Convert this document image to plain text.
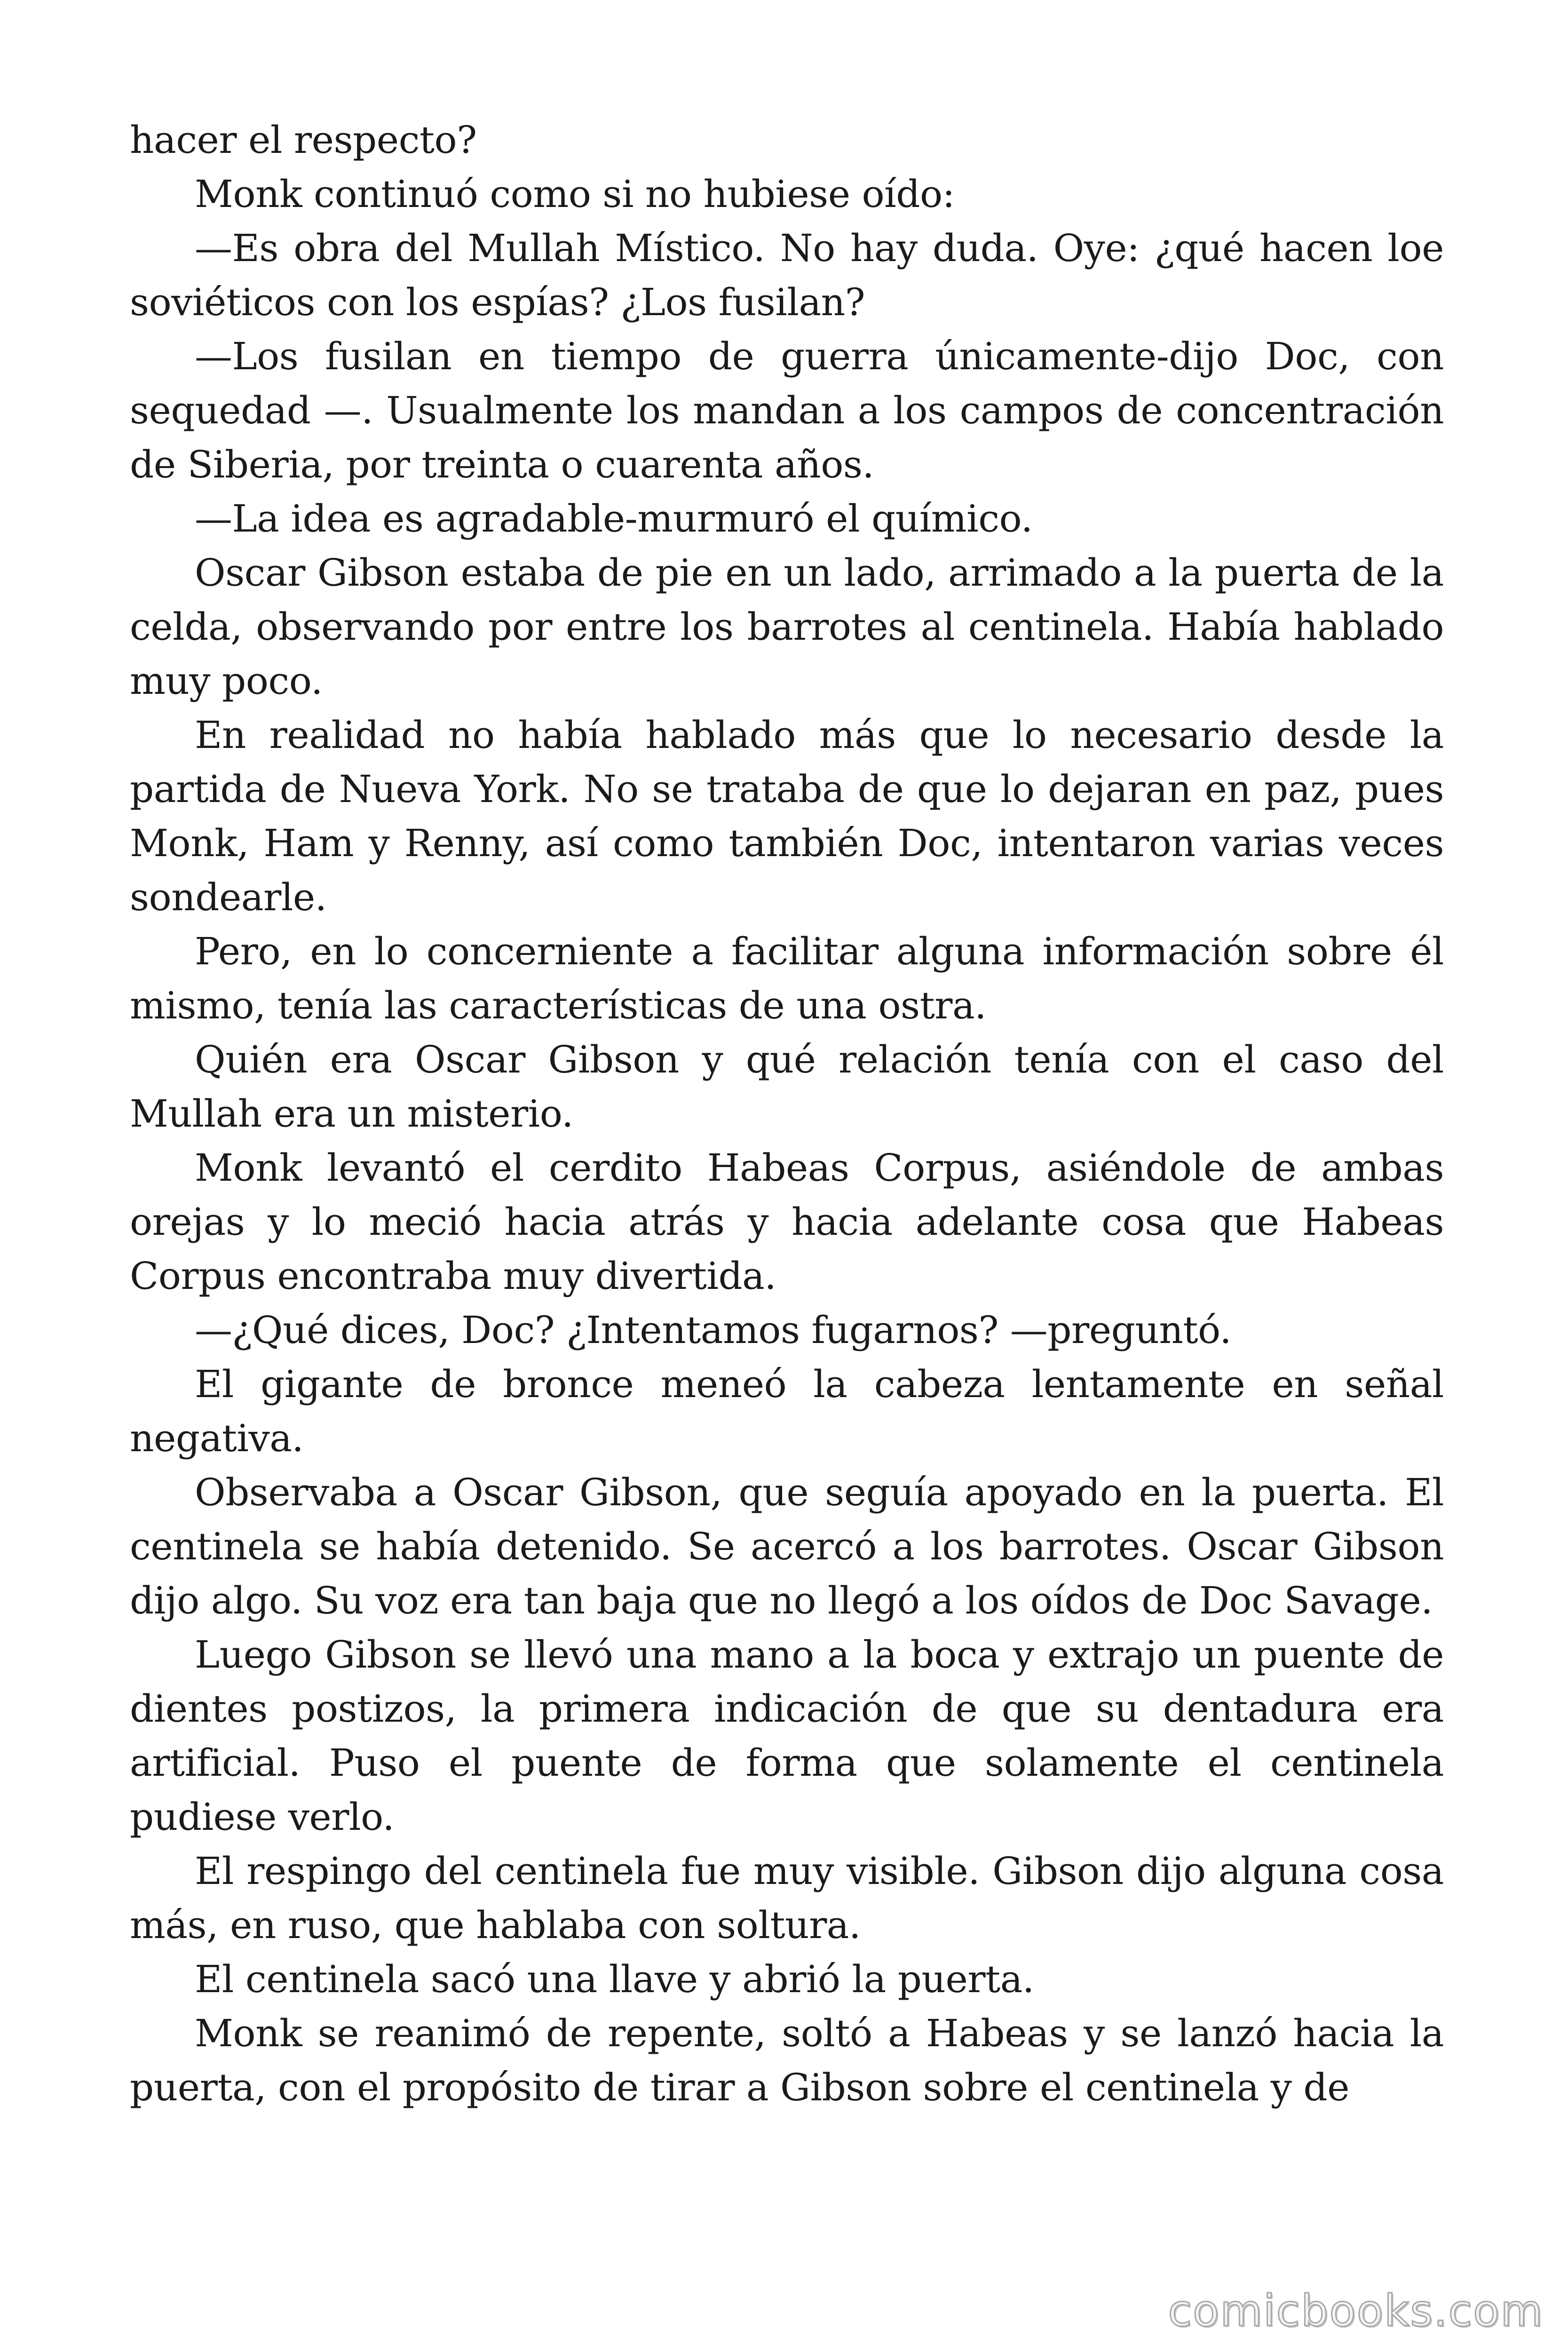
hacer el respecto?

Monk continuó como si no hubiese oído:

—Es obra del Mullah Místico. No hay duda. Oye: ¿qué hacen loe soviéticos con los espías? ¿Los fusilan?

—Los fusilan en tiempo de guerra únicamente-dijo Doc, con sequedad —. Usualmente los mandan a los campos de concentración de Siberia, por treinta o cuarenta años.

—La idea es agradable-murmuró el químico.

Oscar Gibson estaba de pie en un lado, arrimado a la puerta de la celda, observando por entre los barrotes al centinela. Había hablado muy poco.

En realidad no había hablado más que lo necesario desde la partida de Nueva York. No se trataba de que lo dejaran en paz, pues Monk, Ham y Renny, así como también Doc, intentaron varias veces sondearle.

Pero, en lo concerniente a facilitar alguna información sobre él mismo, tenía las características de una ostra.

Quién era Oscar Gibson y qué relación tenía con el caso del Mullah era un misterio.

Monk levantó el cerdito Habeas Corpus, asiéndole de ambas orejas y lo meció hacia atrás y hacia adelante cosa que Habeas Corpus encontraba muy divertida.

—¿Qué dices, Doc? ¿Intentamos fugarnos? —preguntó.

El gigante de bronce meneó la cabeza lentamente en señal negativa.

Observaba a Oscar Gibson, que seguía apoyado en la puerta. El centinela se había detenido. Se acercó a los barrotes. Oscar Gibson dijo algo. Su voz era tan baja que no llegó a los oídos de Doc Savage.

Luego Gibson se llevó una mano a la boca y extrajo un puente de dientes postizos, la primera indicación de que su dentadura era artificial. Puso el puente de forma que solamente el centinela pudiese verlo.

El respingo del centinela fue muy visible. Gibson dijo alguna cosa más, en ruso, que hablaba con soltura.

El centinela sacó una llave y abrió la puerta.

Monk se reanimó de repente, soltó a Habeas y se lanzó hacia la puerta, con el propósito de tirar a Gibson sobre el centinela y de

comicbooks.com
